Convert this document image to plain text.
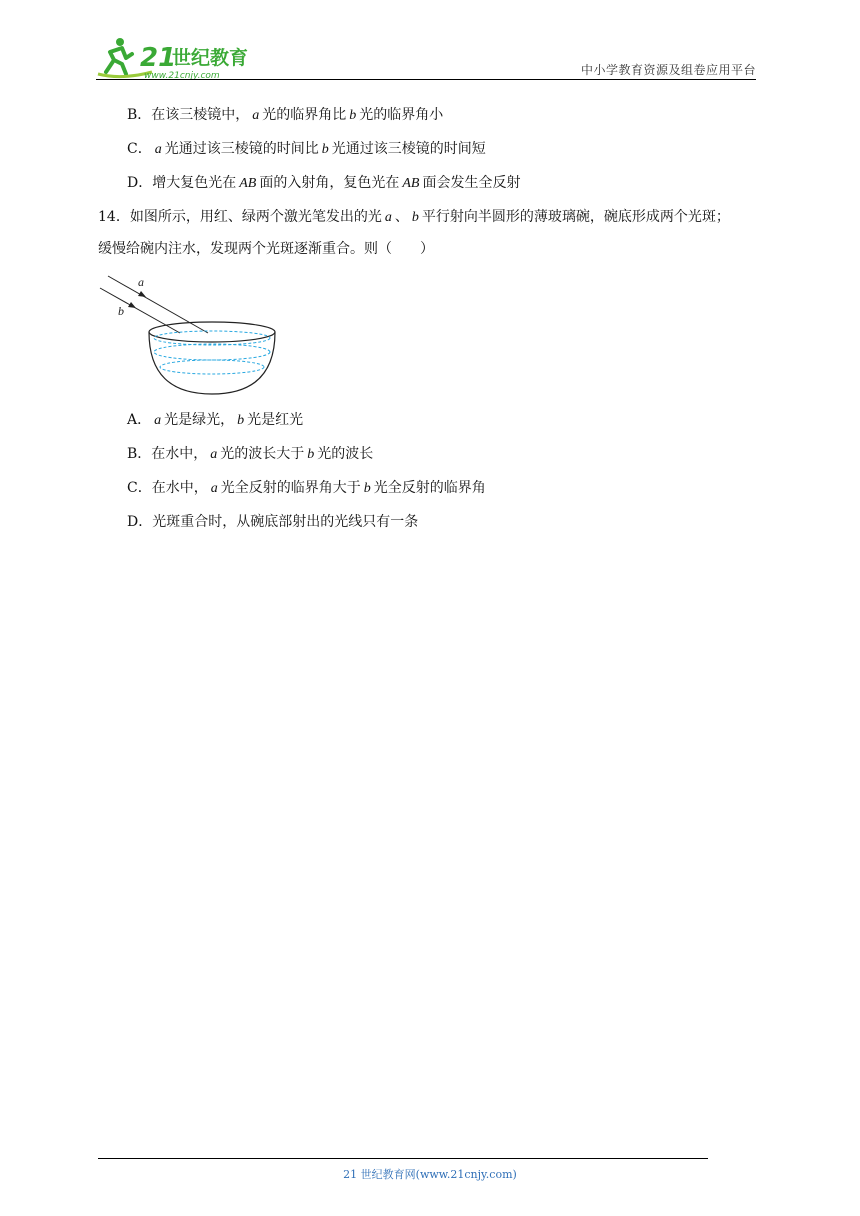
21
世纪教育
www.21cnjy.com	中小学教育资源及组卷应用平台
B．在该三棱镜中， a 光的临界角比 b 光的临界角小
C． a 光通过该三棱镜的时间比 b 光通过该三棱镜的时间短
D．增大复色光在 AB 面的入射角，复色光在 AB 面会发生全反射
14．如图所示，用红、绿两个激光笔发出的光 a 、 b 平行射向半圆形的薄玻璃碗，碗底形成两个光斑；
缓慢给碗内注水，发现两个光斑逐渐重合。则（　　）
a
b
A． a 光是绿光， b 光是红光
B．在水中， a 光的波长大于 b 光的波长
C．在水中， a 光全反射的临界角大于 b 光全反射的临界角
D．光斑重合时，从碗底部射出的光线只有一条
21 世纪教育网(www.21cnjy.com)
